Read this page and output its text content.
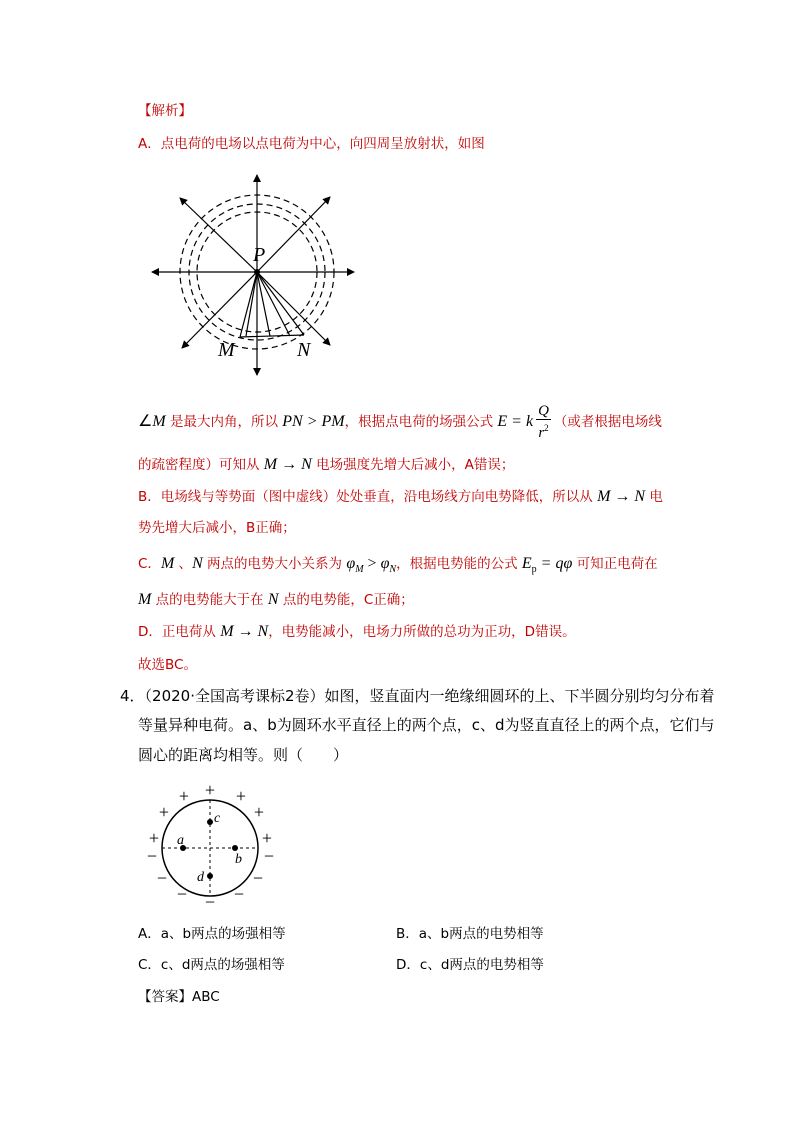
【解析】
A．点电荷的电场以点电荷为中心，向四周呈放射状，如图
P
M	N
∠M 是最大内角，所以 PN > PM，根据点电荷的场强公式 E = k $\frac{Q}{r^2}$ （或者根据电场线
的疏密程度）可知从 M → N 电场强度先增大后减小，A错误；
B．电场线与等势面（图中虚线）处处垂直，沿电场线方向电势降低，所以从 M → N 电
势先增大后减小，B正确；
C．M 、N 两点的电势大小关系为 $\varphi_M > \varphi_N$，根据电势能的公式 $E_p = q\varphi$ 可知正电荷在
M 点的电势能大于在 N 点的电势能，C正确；
D．正电荷从 M → N，电势能减小，电场力所做的总功为正功，D错误。
故选BC。
4．（2020·全国高考课标2卷）如图，竖直面内一绝缘细圆环的上、下半圆分别均匀分布着
等量异种电荷。a、b为圆环水平直径上的两个点，c、d为竖直直径上的两个点，它们与
圆心的距离均相等。则（　　）
a
b
c
d
+
+	+
+	+
+	+
−	−
−	−
−	−
−
A．a、b两点的场强相等	B．a、b两点的电势相等
C．c、d两点的场强相等	D．c、d两点的电势相等
【答案】ABC
